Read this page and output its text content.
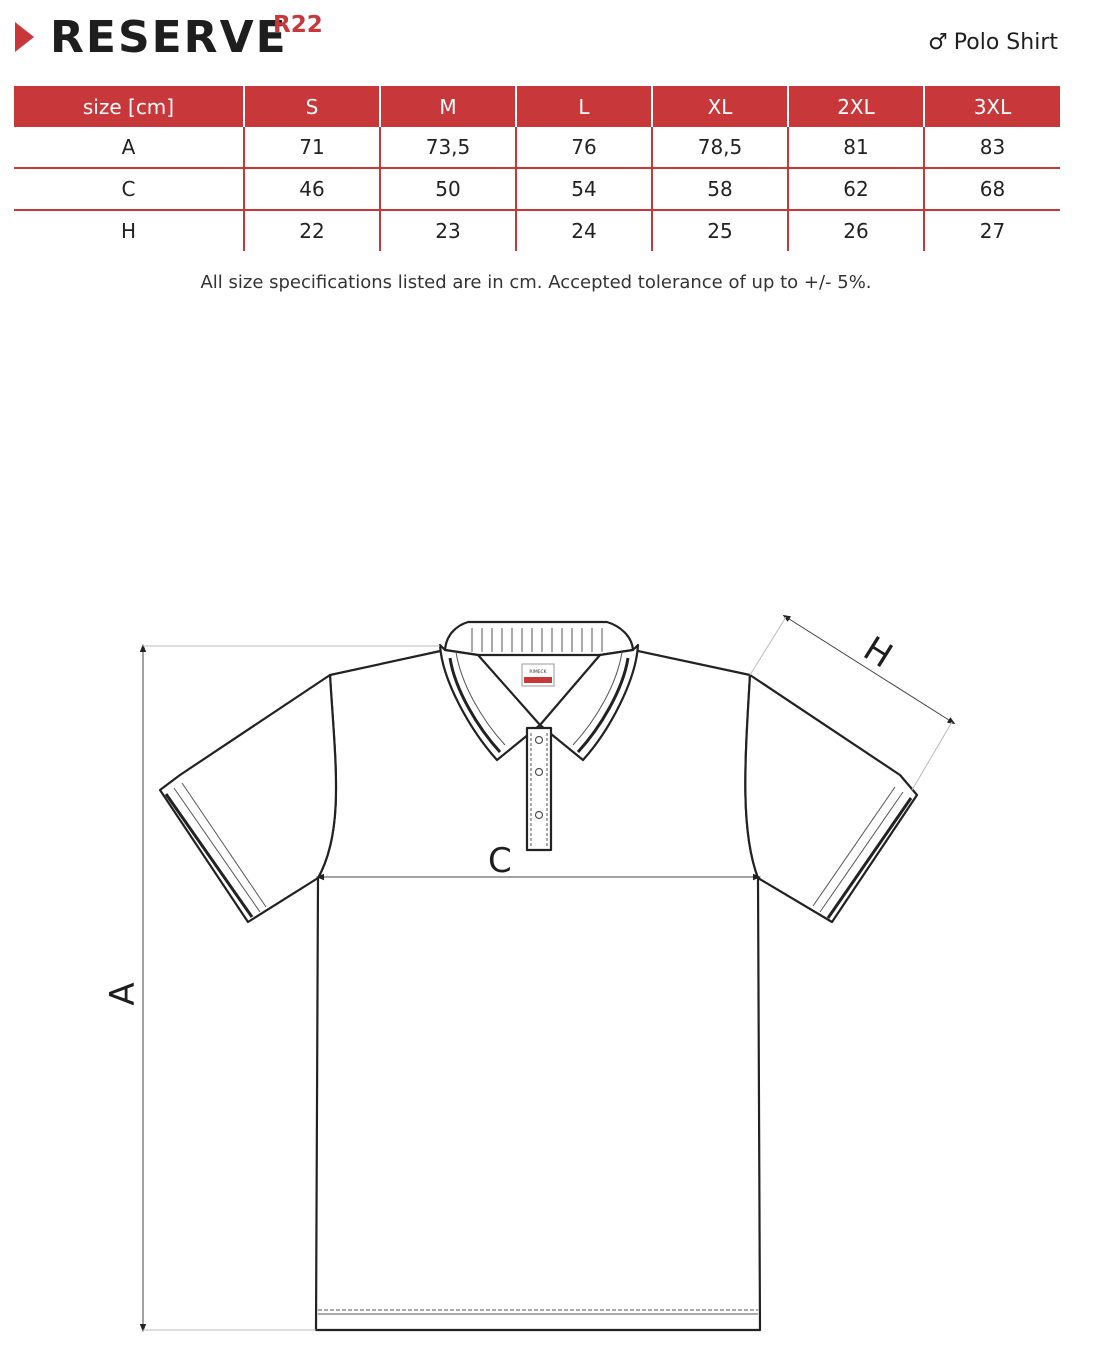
RESERVE
R22
♂ Polo Shirt
size [cm]	S	M	L	XL	2XL	3XL
A	71	73,5	76	78,5	81	83
C	46	50	54	58	62	68
H	22	23	24	25	26	27
All size specifications listed are in cm. Accepted tolerance of up to +/- 5%.
RIMECK
A
C
H
